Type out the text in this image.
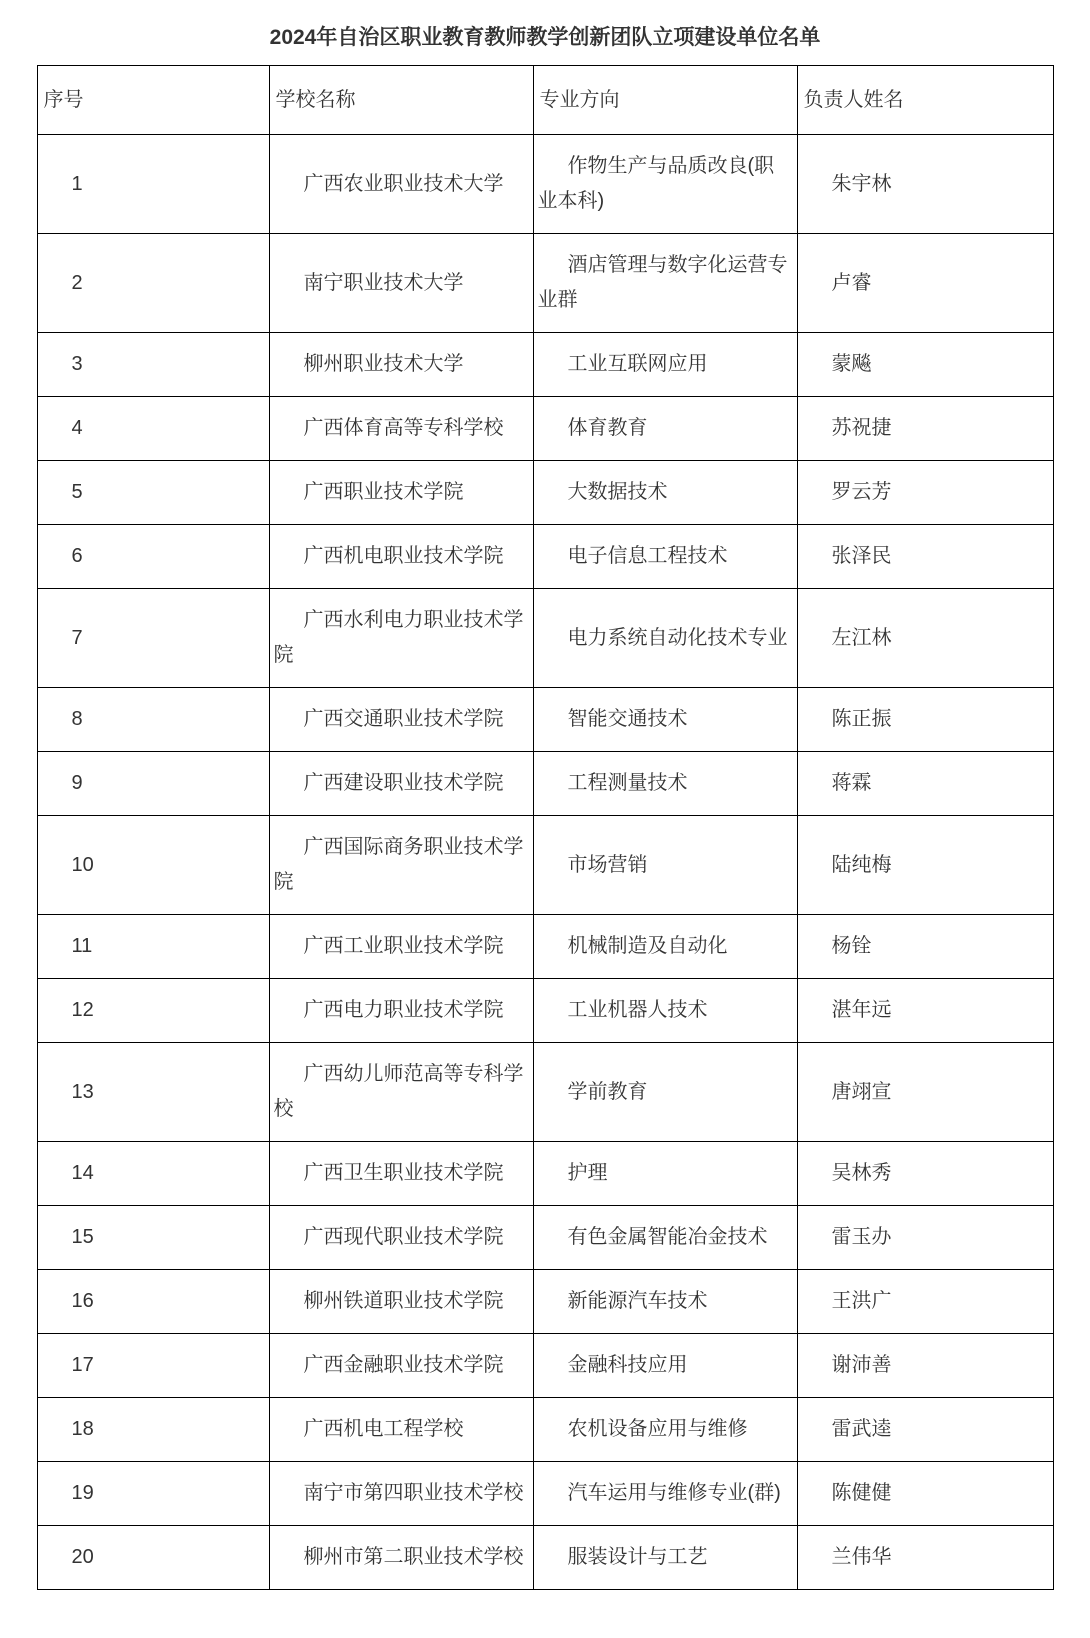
2024年自治区职业教育教师教学创新团队立项建设单位名单
序号	学校名称	专业方向	负责人姓名
1	广西农业职业技术大学	作物生产与品质改良(职业本科)	朱宇林
2	南宁职业技术大学	酒店管理与数字化运营专业群	卢睿
3	柳州职业技术大学	工业互联网应用	蒙飚
4	广西体育高等专科学校	体育教育	苏祝捷
5	广西职业技术学院	大数据技术	罗云芳
6	广西机电职业技术学院	电子信息工程技术	张泽民
7	广西水利电力职业技术学院	电力系统自动化技术专业	左江林
8	广西交通职业技术学院	智能交通技术	陈正振
9	广西建设职业技术学院	工程测量技术	蒋霖
10	广西国际商务职业技术学院	市场营销	陆纯梅
11	广西工业职业技术学院	机械制造及自动化	杨铨
12	广西电力职业技术学院	工业机器人技术	湛年远
13	广西幼儿师范高等专科学校	学前教育	唐翊宣
14	广西卫生职业技术学院	护理	吴林秀
15	广西现代职业技术学院	有色金属智能冶金技术	雷玉办
16	柳州铁道职业技术学院	新能源汽车技术	王洪广
17	广西金融职业技术学院	金融科技应用	谢沛善
18	广西机电工程学校	农机设备应用与维修	雷武逵
19	南宁市第四职业技术学校	汽车运用与维修专业(群)	陈健健
20	柳州市第二职业技术学校	服装设计与工艺	兰伟华
